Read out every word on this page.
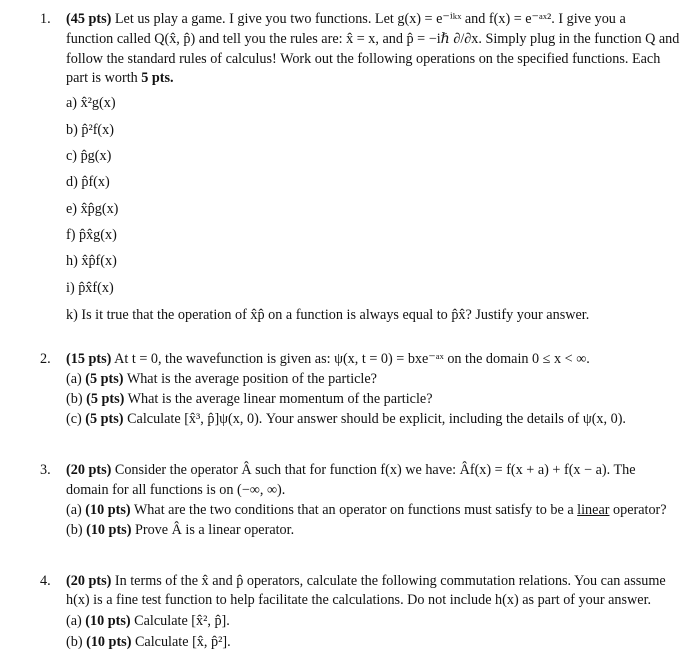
1. (45 pts) Let us play a game. I give you two functions. Let g(x) = e⁻ⁱᵏˣ and f(x) = e⁻ᵃˣ². I give you a
function called Q(x̂, p̂) and tell you the rules are: x̂ = x, and p̂ = −iℏ ∂/∂x. Simply plug in the function Q and
follow the standard rules of calculus! Work out the following operations on the specified functions. Each
part is worth 5 pts.
a) x̂²g(x)
b) p̂²f(x)
c) p̂g(x)
d) p̂f(x)
e) x̂p̂g(x)
f) p̂x̂g(x)
h) x̂p̂f(x)
i) p̂x̂f(x)
k) Is it true that the operation of x̂p̂ on a function is always equal to p̂x̂? Justify your answer.
2. (15 pts) At t = 0, the wavefunction is given as: ψ(x, t = 0) = bxe⁻ᵃˣ on the domain 0 ≤ x < ∞.
(a) (5 pts) What is the average position of the particle?
(b) (5 pts) What is the average linear momentum of the particle?
(c) (5 pts) Calculate [x̂³, p̂]ψ(x, 0). Your answer should be explicit, including the details of ψ(x, 0).
3. (20 pts) Consider the operator Â such that for function f(x) we have: Âf(x) = f(x + a) + f(x − a). The
domain for all functions is on (−∞, ∞).
(a) (10 pts) What are the two conditions that an operator on functions must satisfy to be a linear operator?
(b) (10 pts) Prove Â is a linear operator.
4. (20 pts) In terms of the x̂ and p̂ operators, calculate the following commutation relations. You can assume
h(x) is a fine test function to help facilitate the calculations. Do not include h(x) as part of your answer.
(a) (10 pts) Calculate [x̂², p̂].
(b) (10 pts) Calculate [x̂, p̂²].
